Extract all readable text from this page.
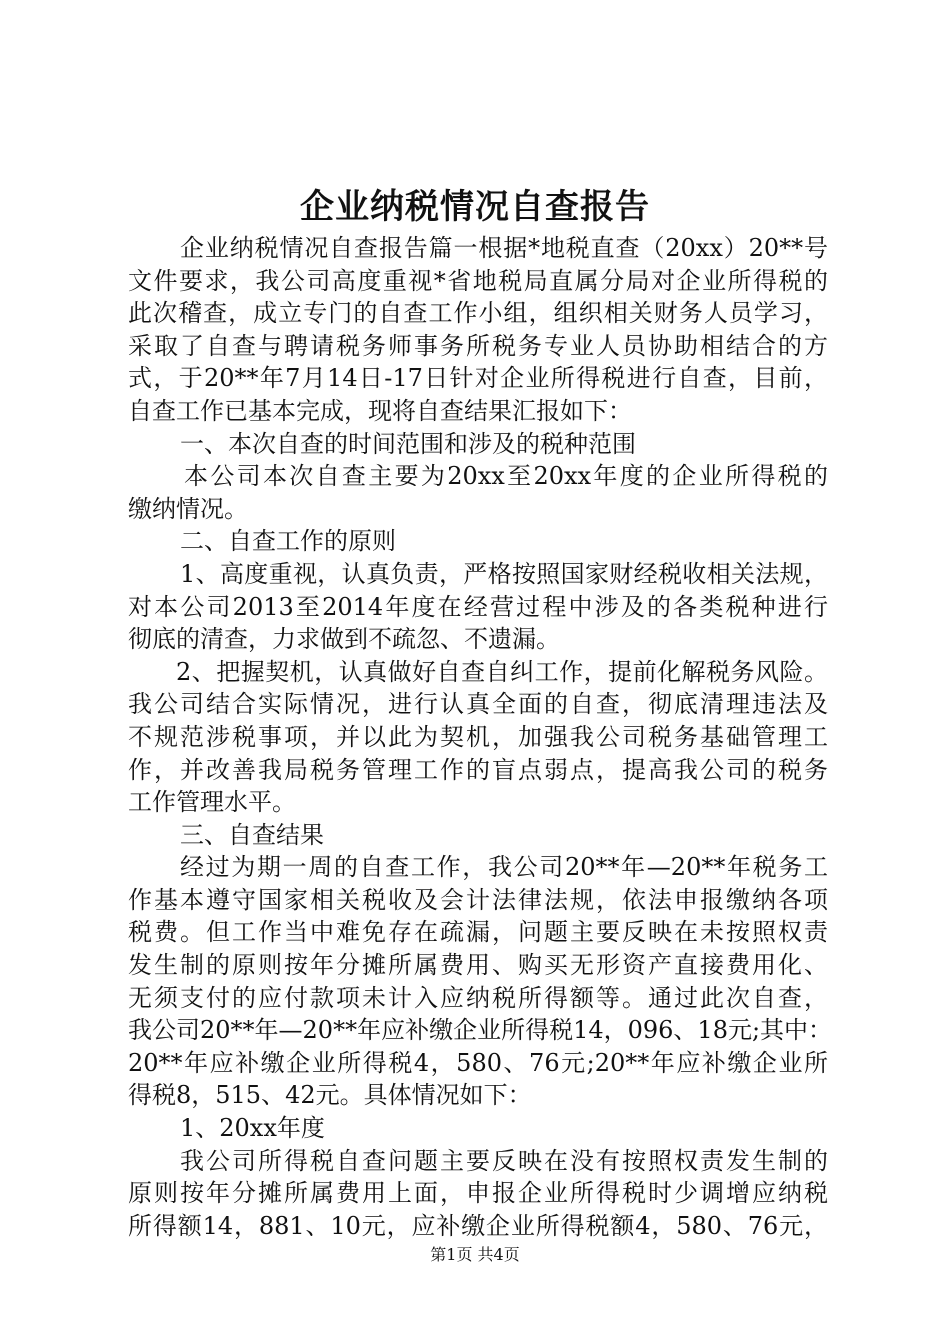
企业纳税情况自查报告
企业纳税情况自查报告篇一根据*地税直查（20xx）20**号
文件要求，我公司高度重视*省地税局直属分局对企业所得税的
此次稽查，成立专门的自查工作小组，组织相关财务人员学习，
采取了自查与聘请税务师事务所税务专业人员协助相结合的方
式，于20**年7月14日-17日针对企业所得税进行自查，目前，
自查工作已基本完成，现将自查结果汇报如下：
一、本次自查的时间范围和涉及的税种范围
本公司本次自查主要为20xx至20xx年度的企业所得税的
缴纳情况。
二、自查工作的原则
1、高度重视，认真负责，严格按照国家财经税收相关法规，
对本公司2013至2014年度在经营过程中涉及的各类税种进行
彻底的清查，力求做到不疏忽、不遗漏。
2、把握契机，认真做好自查自纠工作，提前化解税务风险。
我公司结合实际情况，进行认真全面的自查，彻底清理违法及
不规范涉税事项，并以此为契机，加强我公司税务基础管理工
作，并改善我局税务管理工作的盲点弱点，提高我公司的税务
工作管理水平。
三、自查结果
经过为期一周的自查工作，我公司20**年—20**年税务工
作基本遵守国家相关税收及会计法律法规，依法申报缴纳各项
税费。但工作当中难免存在疏漏，问题主要反映在未按照权责
发生制的原则按年分摊所属费用、购买无形资产直接费用化、
无须支付的应付款项未计入应纳税所得额等。通过此次自查，
我公司20**年—20**年应补缴企业所得税14，096、18元;其中：
20**年应补缴企业所得税4，580、76元;20**年应补缴企业所
得税8，515、42元。具体情况如下：
1、20xx年度
我公司所得税自查问题主要反映在没有按照权责发生制的
原则按年分摊所属费用上面，申报企业所得税时少调增应纳税
所得额14，881、10元，应补缴企业所得税额4，580、76元，
第1页 共4页
